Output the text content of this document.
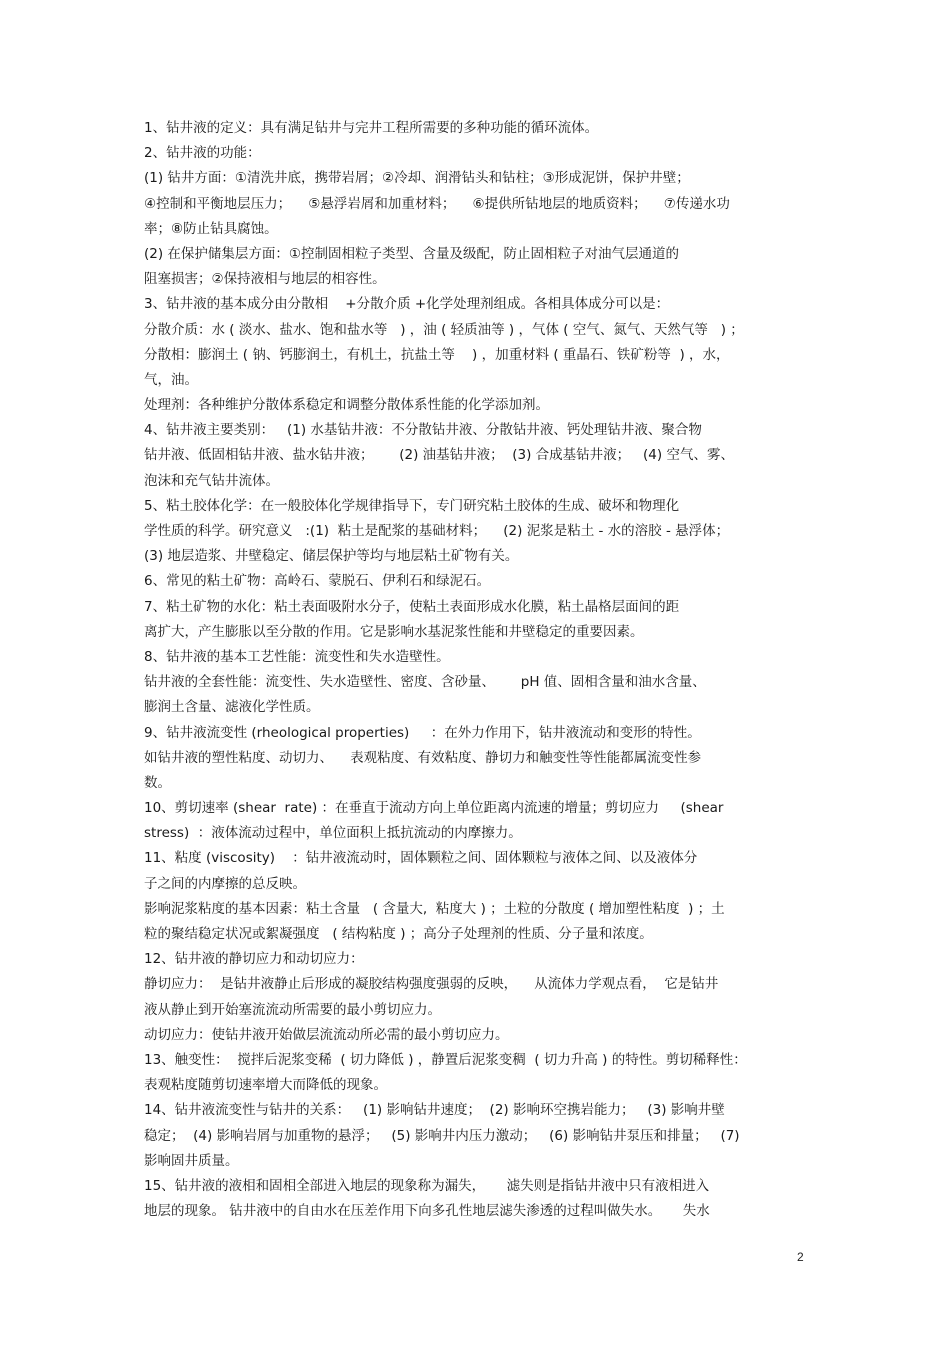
1、钻井液的定义：具有满足钻井与完井工程所需要的多种功能的循环流体。
2、钻井液的功能：
(1) 钻井方面：①清洗井底，携带岩屑；②冷却、润滑钻头和钻柱；③形成泥饼，保护井壁；
④控制和平衡地层压力；    ⑤悬浮岩屑和加重材料；    ⑥提供所钻地层的地质资料；    ⑦传递水功
率；⑧防止钻具腐蚀。
(2) 在保护储集层方面：①控制固相粒子类型、含量及级配，防止固相粒子对油气层通道的
阻塞损害；②保持液相与地层的相容性。
3、钻井液的基本成分由分散相    +分散介质 +化学处理剂组成。各相具体成分可以是：
分散介质：水 ( 淡水、盐水、饱和盐水等   ) ，油 ( 轻质油等 ) ，气体 ( 空气、氮气、天然气等   ) ；
分散相：膨润土 ( 钠、钙膨润土，有机土，抗盐土等    ) ，加重材料 ( 重晶石、铁矿粉等  ) ，水，
气，油。
处理剂：各种维护分散体系稳定和调整分散体系性能的化学添加剂。
4、钻井液主要类别：   (1) 水基钻井液：不分散钻井液、分散钻井液、钙处理钻井液、聚合物
钻井液、低固相钻井液、盐水钻井液；      (2) 油基钻井液；  (3) 合成基钻井液；   (4) 空气、雾、
泡沫和充气钻井流体。
5、粘土胶体化学：在一般胶体化学规律指导下，专门研究粘土胶体的生成、破坏和物理化
学性质的科学。研究意义   :(1)  粘土是配浆的基础材料；    (2) 泥浆是粘土 - 水的溶胶 - 悬浮体；
(3) 地层造浆、井壁稳定、储层保护等均与地层粘土矿物有关。
6、常见的粘土矿物：高岭石、蒙脱石、伊利石和绿泥石。
7、粘土矿物的水化：粘土表面吸附水分子，使粘土表面形成水化膜，粘土晶格层面间的距
离扩大，产生膨胀以至分散的作用。它是影响水基泥浆性能和井壁稳定的重要因素。
8、钻井液的基本工艺性能：流变性和失水造壁性。
钻井液的全套性能：流变性、失水造壁性、密度、含砂量、      pH 值、固相含量和油水含量、
膨润土含量、滤液化学性质。
9、钻井液流变性 (rheological properties)     ：在外力作用下，钻井液流动和变形的特性。
如钻井液的塑性粘度、动切力、    表观粘度、有效粘度、静切力和触变性等性能都属流变性参
数。
10、剪切速率 (shear  rate) ：在垂直于流动方向上单位距离内流速的增量；剪切应力     (shear
stress)  ：液体流动过程中，单位面积上抵抗流动的内摩擦力。
11、粘度 (viscosity)    ：钻井液流动时，固体颗粒之间、固体颗粒与液体之间、以及液体分
子之间的内摩擦的总反映。
影响泥浆粘度的基本因素：粘土含量   ( 含量大,  粘度大 ) ；土粒的分散度 ( 增加塑性粘度  ) ；土
粒的聚结稳定状况或絮凝强度   ( 结构粘度 ) ；高分子处理剂的性质、分子量和浓度。
12、钻井液的静切应力和动切应力：
静切应力：  是钻井液静止后形成的凝胶结构强度强弱的反映，    从流体力学观点看，  它是钻井
液从静止到开始塞流流动所需要的最小剪切应力。
动切应力：使钻井液开始做层流流动所必需的最小剪切应力。
13、触变性：  搅拌后泥浆变稀  ( 切力降低 ) ，静置后泥浆变稠  ( 切力升高 ) 的特性。剪切稀释性：
表观粘度随剪切速率增大而降低的现象。
14、钻井液流变性与钻井的关系：   (1) 影响钻井速度；  (2) 影响环空携岩能力；   (3) 影响井壁
稳定；  (4) 影响岩屑与加重物的悬浮；   (5) 影响井内压力激动；   (6) 影响钻井泵压和排量；   (7)
影响固井质量。
15、钻井液的液相和固相全部进入地层的现象称为漏失，     滤失则是指钻井液中只有液相进入
地层的现象。 钻井液中的自由水在压差作用下向多孔性地层滤失渗透的过程叫做失水。     失水
2
